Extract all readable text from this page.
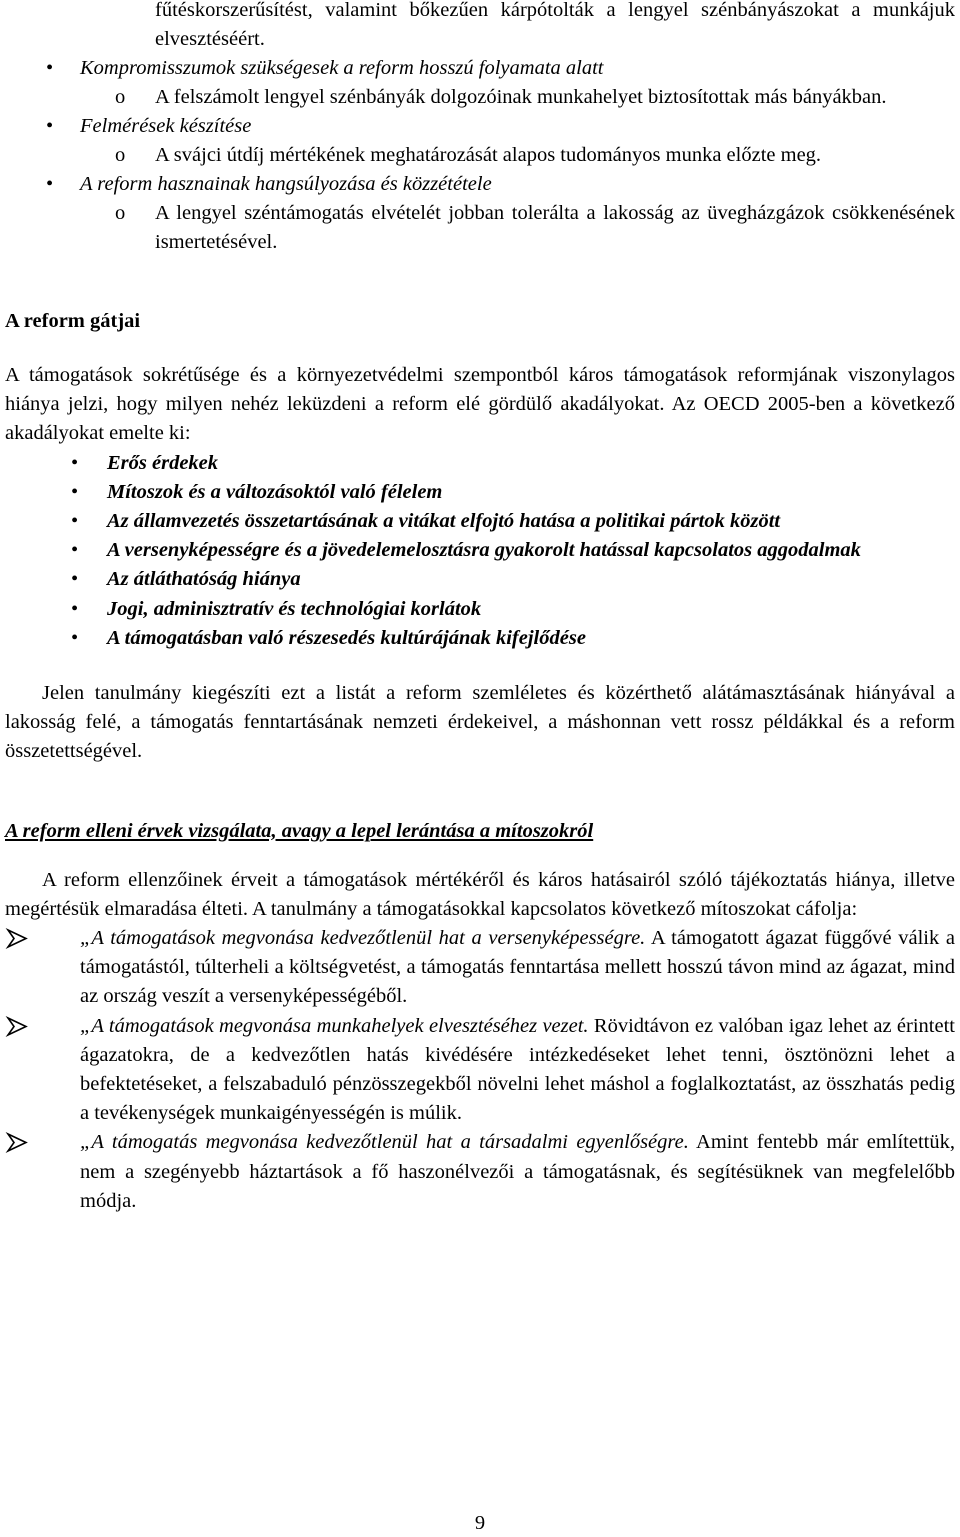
fűtéskorszerűsítést, valamint bőkezűen kárpótolták a lengyel szénbányászokat a munkájuk elvesztéséért.
• Kompromisszumok szükségesek a reform hosszú folyamata alatt
o A felszámolt lengyel szénbányák dolgozóinak munkahelyet biztosítottak más bányákban.
• Felmérések készítése
o A svájci útdíj mértékének meghatározását alapos tudományos munka előzte meg.
• A reform hasznainak hangsúlyozása és közzététele
o A lengyel széntámogatás elvételét jobban tolerálta a lakosság az üvegházgázok csökkenésének ismertetésével.
A reform gátjai

A támogatások sokrétűsége és a környezetvédelmi szempontból káros támogatások reformjának viszonylagos hiánya jelzi, hogy milyen nehéz leküzdeni a reform elé gördülő akadályokat. Az OECD 2005-ben a következő akadályokat emelte ki:

• Erős érdekek
• Mítoszok és a változásoktól való félelem
• Az államvezetés összetartásának a vitákat elfojtó hatása a politikai pártok között
• A versenyképességre és a jövedelemelosztásra gyakorolt hatással kapcsolatos aggodalmak
• Az átláthatóság hiánya
• Jogi, adminisztratív és technológiai korlátok
• A támogatásban való részesedés kultúrájának kifejlődése

Jelen tanulmány kiegészíti ezt a listát a reform szemléletes és közérthető alátámasztásának hiányával a lakosság felé, a támogatás fenntartásának nemzeti érdekeivel, a máshonnan vett rossz példákkal és a reform összetettségével.

A reform elleni érvek vizsgálata, avagy a lepel lerántása a mítoszokról

A reform ellenzőinek érveit a támogatások mértékéről és káros hatásairól szóló tájékoztatás hiánya, illetve megértésük elmaradása élteti. A tanulmány a támogatásokkal kapcsolatos következő mítoszokat cáfolja:

„A támogatások megvonása kedvezőtlenül hat a versenyképességre. A támogatott ágazat függővé válik a támogatástól, túlterheli a költségvetést, a támogatás fenntartása mellett hosszú távon mind az ágazat, mind az ország veszít a versenyképességéből.
„A támogatások megvonása munkahelyek elvesztéséhez vezet. Rövidtávon ez valóban igaz lehet az érintett ágazatokra, de a kedvezőtlen hatás kivédésére intézkedéseket lehet tenni, ösztönözni lehet a befektetéseket, a felszabaduló pénzösszegekből növelni lehet máshol a foglalkoztatást, az összhatás pedig a tevékenységek munkaigényességén is múlik.
„A támogatás megvonása kedvezőtlenül hat a társadalmi egyenlőségre. Amint fentebb már említettük, nem a szegényebb háztartások a fő haszonélvezői a támogatásnak, és segítésüknek van megfelelőbb módja.
9
